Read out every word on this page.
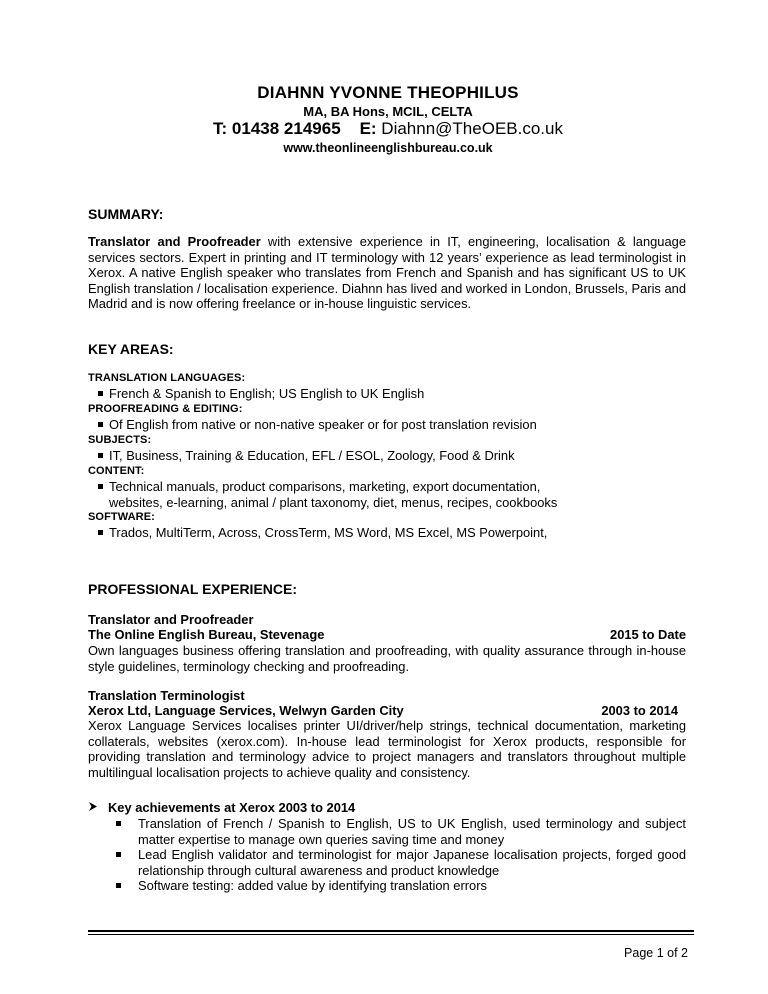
DIAHNN YVONNE THEOPHILUS
MA, BA Hons, MCIL, CELTA
T: 01438 214965 E: Diahnn@TheOEB.co.uk
www.theonlineenglishbureau.co.uk
SUMMARY:

Translator and Proofreader with extensive experience in IT, engineering, localisation & language services sectors. Expert in printing and IT terminology with 12 years’ experience as lead terminologist in Xerox. A native English speaker who translates from French and Spanish and has significant US to UK English translation / localisation experience. Diahnn has lived and worked in London, Brussels, Paris and Madrid and is now offering freelance or in-house linguistic services.

KEY AREAS:
TRANSLATION LANGUAGES:
French & Spanish to English; US English to UK English
PROOFREADING & EDITING:
Of English from native or non-native speaker or for post translation revision
SUBJECTS:
IT, Business, Training & Education, EFL / ESOL, Zoology, Food & Drink
CONTENT:
Technical manuals, product comparisons, marketing, export documentation,
websites, e-learning, animal / plant taxonomy, diet, menus, recipes, cookbooks
SOFTWARE:
Trados, MultiTerm, Across, CrossTerm, MS Word, MS Excel, MS Powerpoint,
PROFESSIONAL EXPERIENCE:
Translator and Proofreader
The Online English Bureau, Stevenage	2015 to Date
Own languages business offering translation and proofreading, with quality assurance through in-house style guidelines, terminology checking and proofreading.
Translation Terminologist
Xerox Ltd, Language Services, Welwyn Garden City	2003 to 2014
Xerox Language Services localises printer UI/driver/help strings, technical documentation, marketing collaterals, websites (xerox.com). In-house lead terminologist for Xerox products, responsible for providing translation and terminology advice to project managers and translators throughout multiple multilingual localisation projects to achieve quality and consistency.
Key achievements at Xerox 2003 to 2014
Translation of French / Spanish to English, US to UK English, used terminology and subject matter expertise to manage own queries saving time and money
Lead English validator and terminologist for major Japanese localisation projects, forged good relationship through cultural awareness and product knowledge
Software testing: added value by identifying translation errors
Page 1 of 2
